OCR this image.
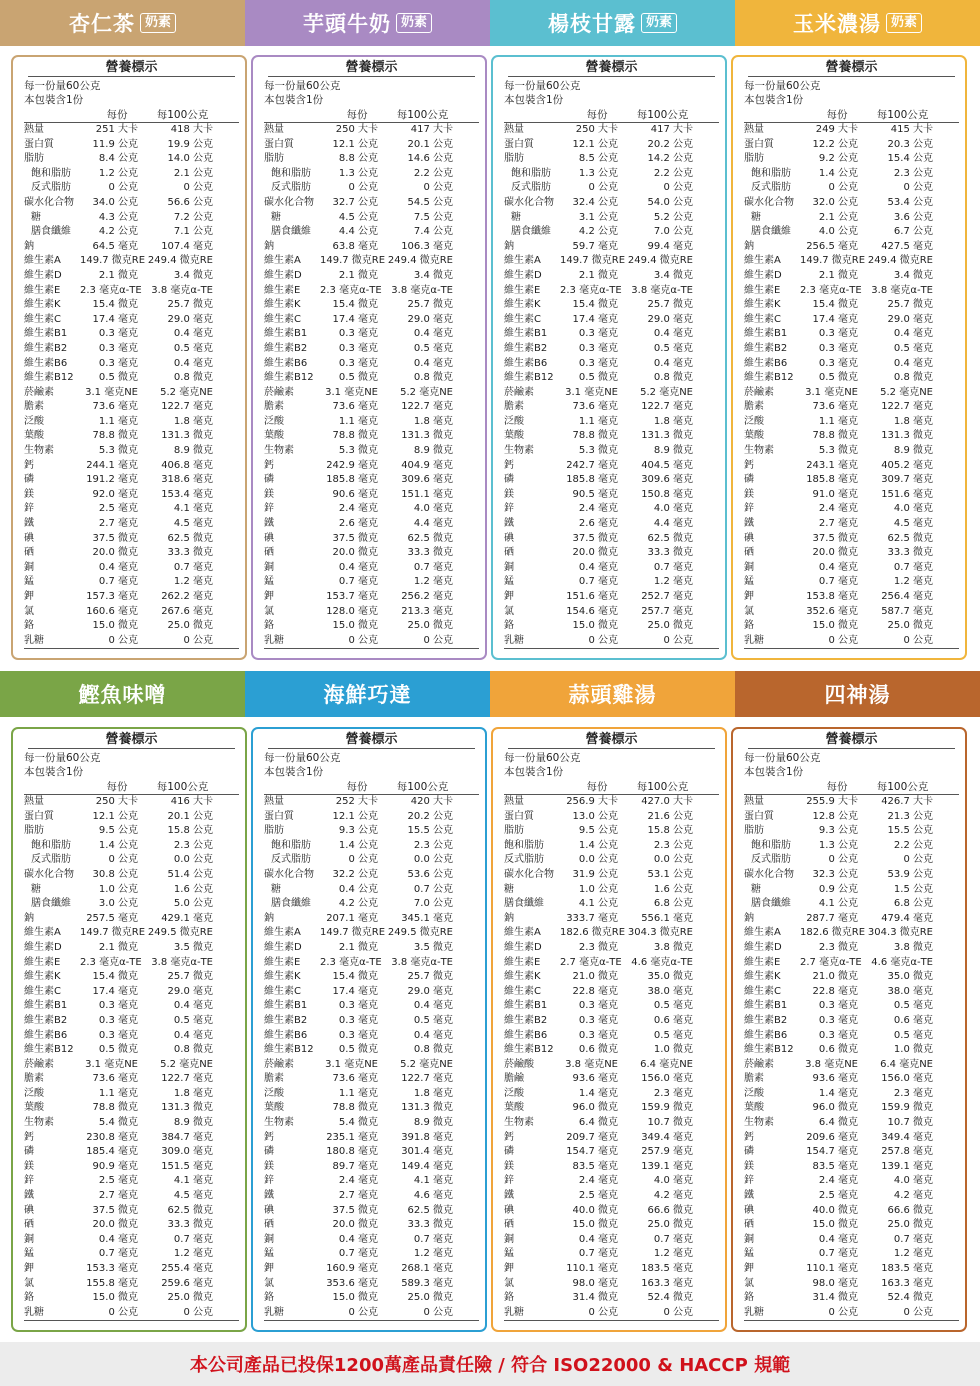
杏仁茶 奶素	芋頭牛奶 奶素	楊枝甘露 奶素	玉米濃湯 奶素
鰹魚味噌	海鮮巧達	蒜頭雞湯	四神湯
營養標示
每一份量60公克
本包裝含1份
每份	每100公克
熱量	251 大卡	418 大卡
蛋白質	11.9 公克	19.9 公克
脂肪	8.4 公克	14.0 公克
飽和脂肪	1.2 公克	2.1 公克
反式脂肪	0 公克	0 公克
碳水化合物	34.0 公克	56.6 公克
糖	4.3 公克	7.2 公克
膳食纖維	4.2 公克	7.1 公克
鈉	64.5 毫克	107.4 毫克
維生素A	149.7 微克RE 249.4 微克RE
維生素D	2.1 微克	3.4 微克
維生素E	2.3 毫克α-TE 3.8 毫克α-TE
維生素K	15.4 微克	25.7 微克
維生素C	17.4 毫克	29.0 毫克
維生素B1	0.3 毫克	0.4 毫克
維生素B2	0.3 毫克	0.5 毫克
維生素B6	0.3 毫克	0.4 毫克
維生素B12	0.5 微克	0.8 微克
菸鹼素	3.1 毫克NE	5.2 毫克NE
膽素	73.6 毫克	122.7 毫克
泛酸	1.1 毫克	1.8 毫克
葉酸	78.8 微克	131.3 微克
生物素	5.3 微克	8.9 微克
鈣	244.1 毫克	406.8 毫克
磷	191.2 毫克	318.6 毫克
鎂	92.0 毫克	153.4 毫克
鋅	2.5 毫克	4.1 毫克
鐵	2.7 毫克	4.5 毫克
碘	37.5 微克	62.5 微克
硒	20.0 微克	33.3 微克
銅	0.4 毫克	0.7 毫克
錳	0.7 毫克	1.2 毫克
鉀	157.3 毫克	262.2 毫克
氯	160.6 毫克	267.6 毫克
鉻	15.0 微克	25.0 微克
乳糖	0 公克	0 公克
營養標示
每一份量60公克
本包裝含1份
每份	每100公克
熱量	250 大卡	417 大卡
蛋白質	12.1 公克	20.1 公克
脂肪	8.8 公克	14.6 公克
飽和脂肪	1.3 公克	2.2 公克
反式脂肪	0 公克	0 公克
碳水化合物	32.7 公克	54.5 公克
糖	4.5 公克	7.5 公克
膳食纖維	4.4 公克	7.4 公克
鈉	63.8 毫克	106.3 毫克
維生素A	149.7 微克RE 249.4 微克RE
維生素D	2.1 微克	3.4 微克
維生素E	2.3 毫克α-TE 3.8 毫克α-TE
維生素K	15.4 微克	25.7 微克
維生素C	17.4 毫克	29.0 毫克
維生素B1	0.3 毫克	0.4 毫克
維生素B2	0.3 毫克	0.5 毫克
維生素B6	0.3 毫克	0.4 毫克
維生素B12	0.5 微克	0.8 微克
菸鹼素	3.1 毫克NE	5.2 毫克NE
膽素	73.6 毫克	122.7 毫克
泛酸	1.1 毫克	1.8 毫克
葉酸	78.8 微克	131.3 微克
生物素	5.3 微克	8.9 微克
鈣	242.9 毫克	404.9 毫克
磷	185.8 毫克	309.6 毫克
鎂	90.6 毫克	151.1 毫克
鋅	2.4 毫克	4.0 毫克
鐵	2.6 毫克	4.4 毫克
碘	37.5 微克	62.5 微克
硒	20.0 微克	33.3 微克
銅	0.4 毫克	0.7 毫克
錳	0.7 毫克	1.2 毫克
鉀	153.7 毫克	256.2 毫克
氯	128.0 毫克	213.3 毫克
鉻	15.0 微克	25.0 微克
乳糖	0 公克	0 公克
營養標示
每一份量60公克
本包裝含1份
每份	每100公克
熱量	250 大卡	417 大卡
蛋白質	12.1 公克	20.2 公克
脂肪	8.5 公克	14.2 公克
飽和脂肪	1.3 公克	2.2 公克
反式脂肪	0 公克	0 公克
碳水化合物	32.4 公克	54.0 公克
糖	3.1 公克	5.2 公克
膳食纖維	4.2 公克	7.0 公克
鈉	59.7 毫克	99.4 毫克
維生素A	149.7 微克RE 249.4 微克RE
維生素D	2.1 微克	3.4 微克
維生素E	2.3 毫克α-TE 3.8 毫克α-TE
維生素K	15.4 微克	25.7 微克
維生素C	17.4 毫克	29.0 毫克
維生素B1	0.3 毫克	0.4 毫克
維生素B2	0.3 毫克	0.5 毫克
維生素B6	0.3 毫克	0.4 毫克
維生素B12	0.5 微克	0.8 微克
菸鹼素	3.1 毫克NE	5.2 毫克NE
膽素	73.6 毫克	122.7 毫克
泛酸	1.1 毫克	1.8 毫克
葉酸	78.8 微克	131.3 微克
生物素	5.3 微克	8.9 微克
鈣	242.7 毫克	404.5 毫克
磷	185.8 毫克	309.6 毫克
鎂	90.5 毫克	150.8 毫克
鋅	2.4 毫克	4.0 毫克
鐵	2.6 毫克	4.4 毫克
碘	37.5 微克	62.5 微克
硒	20.0 微克	33.3 微克
銅	0.4 毫克	0.7 毫克
錳	0.7 毫克	1.2 毫克
鉀	151.6 毫克	252.7 毫克
氯	154.6 毫克	257.7 毫克
鉻	15.0 微克	25.0 微克
乳糖	0 公克	0 公克
營養標示
每一份量60公克
本包裝含1份
每份	每100公克
熱量	249 大卡	415 大卡
蛋白質	12.2 公克	20.3 公克
脂肪	9.2 公克	15.4 公克
飽和脂肪	1.4 公克	2.3 公克
反式脂肪	0 公克	0 公克
碳水化合物	32.0 公克	53.4 公克
糖	2.1 公克	3.6 公克
膳食纖維	4.0 公克	6.7 公克
鈉	256.5 毫克	427.5 毫克
維生素A	149.7 微克RE 249.4 微克RE
維生素D	2.1 微克	3.4 微克
維生素E	2.3 毫克α-TE 3.8 毫克α-TE
維生素K	15.4 微克	25.7 微克
維生素C	17.4 毫克	29.0 毫克
維生素B1	0.3 毫克	0.4 毫克
維生素B2	0.3 毫克	0.5 毫克
維生素B6	0.3 毫克	0.4 毫克
維生素B12	0.5 微克	0.8 微克
菸鹼素	3.1 毫克NE	5.2 毫克NE
膽素	73.6 毫克	122.7 毫克
泛酸	1.1 毫克	1.8 毫克
葉酸	78.8 微克	131.3 微克
生物素	5.3 微克	8.9 微克
鈣	243.1 毫克	405.2 毫克
磷	185.8 毫克	309.7 毫克
鎂	91.0 毫克	151.6 毫克
鋅	2.4 毫克	4.0 毫克
鐵	2.7 毫克	4.5 毫克
碘	37.5 微克	62.5 微克
硒	20.0 微克	33.3 微克
銅	0.4 毫克	0.7 毫克
錳	0.7 毫克	1.2 毫克
鉀	153.8 毫克	256.4 毫克
氯	352.6 毫克	587.7 毫克
鉻	15.0 微克	25.0 微克
乳糖	0 公克	0 公克
營養標示
每一份量60公克
本包裝含1份
每份	每100公克
熱量	250 大卡	416 大卡
蛋白質	12.1 公克	20.1 公克
脂肪	9.5 公克	15.8 公克
飽和脂肪	1.4 公克	2.3 公克
反式脂肪	0 公克	0.0 公克
碳水化合物	30.8 公克	51.4 公克
糖	1.0 公克	1.6 公克
膳食纖維	3.0 公克	5.0 公克
鈉	257.5 毫克	429.1 毫克
維生素A	149.7 微克RE 249.5 微克RE
維生素D	2.1 微克	3.5 微克
維生素E	2.3 毫克α-TE 3.8 毫克α-TE
維生素K	15.4 微克	25.7 微克
維生素C	17.4 毫克	29.0 毫克
維生素B1	0.3 毫克	0.4 毫克
維生素B2	0.3 毫克	0.5 毫克
維生素B6	0.3 毫克	0.4 毫克
維生素B12	0.5 微克	0.8 微克
菸鹼素	3.1 毫克NE	5.2 毫克NE
膽素	73.6 毫克	122.7 毫克
泛酸	1.1 毫克	1.8 毫克
葉酸	78.8 微克	131.3 微克
生物素	5.4 微克	8.9 微克
鈣	230.8 毫克	384.7 毫克
磷	185.4 毫克	309.0 毫克
鎂	90.9 毫克	151.5 毫克
鋅	2.5 毫克	4.1 毫克
鐵	2.7 毫克	4.5 毫克
碘	37.5 微克	62.5 微克
硒	20.0 微克	33.3 微克
銅	0.4 毫克	0.7 毫克
錳	0.7 毫克	1.2 毫克
鉀	153.3 毫克	255.4 毫克
氯	155.8 毫克	259.6 毫克
鉻	15.0 微克	25.0 微克
乳糖	0 公克	0 公克
營養標示
每一份量60公克
本包裝含1份
每份	每100公克
熱量	252 大卡	420 大卡
蛋白質	12.1 公克	20.2 公克
脂肪	9.3 公克	15.5 公克
飽和脂肪	1.4 公克	2.3 公克
反式脂肪	0 公克	0.0 公克
碳水化合物	32.2 公克	53.6 公克
糖	0.4 公克	0.7 公克
膳食纖維	4.2 公克	7.0 公克
鈉	207.1 毫克	345.1 毫克
維生素A	149.7 微克RE 249.5 微克RE
維生素D	2.1 微克	3.5 微克
維生素E	2.3 毫克α-TE 3.8 毫克α-TE
維生素K	15.4 微克	25.7 微克
維生素C	17.4 毫克	29.0 毫克
維生素B1	0.3 毫克	0.4 毫克
維生素B2	0.3 毫克	0.5 毫克
維生素B6	0.3 毫克	0.4 毫克
維生素B12	0.5 微克	0.8 微克
菸鹼素	3.1 毫克NE	5.2 毫克NE
膽素	73.6 毫克	122.7 毫克
泛酸	1.1 毫克	1.8 毫克
葉酸	78.8 微克	131.3 微克
生物素	5.4 微克	8.9 微克
鈣	235.1 毫克	391.8 毫克
磷	180.8 毫克	301.4 毫克
鎂	89.7 毫克	149.4 毫克
鋅	2.4 毫克	4.1 毫克
鐵	2.7 毫克	4.6 毫克
碘	37.5 微克	62.5 微克
硒	20.0 微克	33.3 微克
銅	0.4 毫克	0.7 毫克
錳	0.7 毫克	1.2 毫克
鉀	160.9 毫克	268.1 毫克
氯	353.6 毫克	589.3 毫克
鉻	15.0 微克	25.0 微克
乳糖	0 公克	0 公克
營養標示
每一份量60公克
本包裝含1份
每份	每100公克
熱量	256.9 大卡	427.0 大卡
蛋白質	13.0 公克	21.6 公克
脂肪	9.5 公克	15.8 公克
飽和脂肪	1.4 公克	2.3 公克
反式脂肪	0.0 公克	0.0 公克
碳水化合物	31.9 公克	53.1 公克
糖	1.0 公克	1.6 公克
膳食纖維	4.1 公克	6.8 公克
鈉	333.7 毫克	556.1 毫克
維生素A	182.6 微克RE 304.3 微克RE
維生素D	2.3 微克	3.8 微克
維生素E	2.7 毫克α-TE 4.6 毫克α-TE
維生素K	21.0 微克	35.0 微克
維生素C	22.8 毫克	38.0 毫克
維生素B1	0.3 毫克	0.5 毫克
維生素B2	0.3 毫克	0.6 毫克
維生素B6	0.3 毫克	0.5 毫克
維生素B12	0.6 微克	1.0 微克
菸鹼酸	3.8 毫克NE	6.4 毫克NE
膽鹼	93.6 毫克	156.0 毫克
泛酸	1.4 毫克	2.3 毫克
葉酸	96.0 微克	159.9 微克
生物素	6.4 微克	10.7 微克
鈣	209.7 毫克	349.4 毫克
磷	154.7 毫克	257.9 毫克
鎂	83.5 毫克	139.1 毫克
鋅	2.4 毫克	4.0 毫克
鐵	2.5 毫克	4.2 毫克
碘	40.0 微克	66.6 微克
硒	15.0 微克	25.0 微克
銅	0.4 毫克	0.7 毫克
錳	0.7 毫克	1.2 毫克
鉀	110.1 毫克	183.5 毫克
氯	98.0 毫克	163.3 毫克
鉻	31.4 微克	52.4 微克
乳糖	0 公克	0 公克
營養標示
每一份量60公克
本包裝含1份
每份	每100公克
熱量	255.9 大卡	426.7 大卡
蛋白質	12.8 公克	21.3 公克
脂肪	9.3 公克	15.5 公克
飽和脂肪	1.3 公克	2.2 公克
反式脂肪	0 公克	0 公克
碳水化合物	32.3 公克	53.9 公克
糖	0.9 公克	1.5 公克
膳食纖維	4.1 公克	6.8 公克
鈉	287.7 毫克	479.4 毫克
維生素A	182.6 微克RE 304.3 微克RE
維生素D	2.3 微克	3.8 微克
維生素E	2.7 毫克α-TE 4.6 毫克α-TE
維生素K	21.0 微克	35.0 微克
維生素C	22.8 毫克	38.0 毫克
維生素B1	0.3 毫克	0.5 毫克
維生素B2	0.3 毫克	0.6 毫克
維生素B6	0.3 毫克	0.5 毫克
維生素B12	0.6 微克	1.0 微克
菸鹼素	3.8 毫克NE	6.4 毫克NE
膽素	93.6 毫克	156.0 毫克
泛酸	1.4 毫克	2.3 毫克
葉酸	96.0 微克	159.9 微克
生物素	6.4 微克	10.7 微克
鈣	209.6 毫克	349.4 毫克
磷	154.7 毫克	257.8 毫克
鎂	83.5 毫克	139.1 毫克
鋅	2.4 毫克	4.0 毫克
鐵	2.5 毫克	4.2 毫克
碘	40.0 微克	66.6 微克
硒	15.0 微克	25.0 微克
銅	0.4 毫克	0.7 毫克
錳	0.7 毫克	1.2 毫克
鉀	110.1 毫克	183.5 毫克
氯	98.0 毫克	163.3 毫克
鉻	31.4 微克	52.4 微克
乳糖	0 公克	0 公克
本公司產品已投保1200萬產品責任險 / 符合 ISO22000 & HACCP 規範
